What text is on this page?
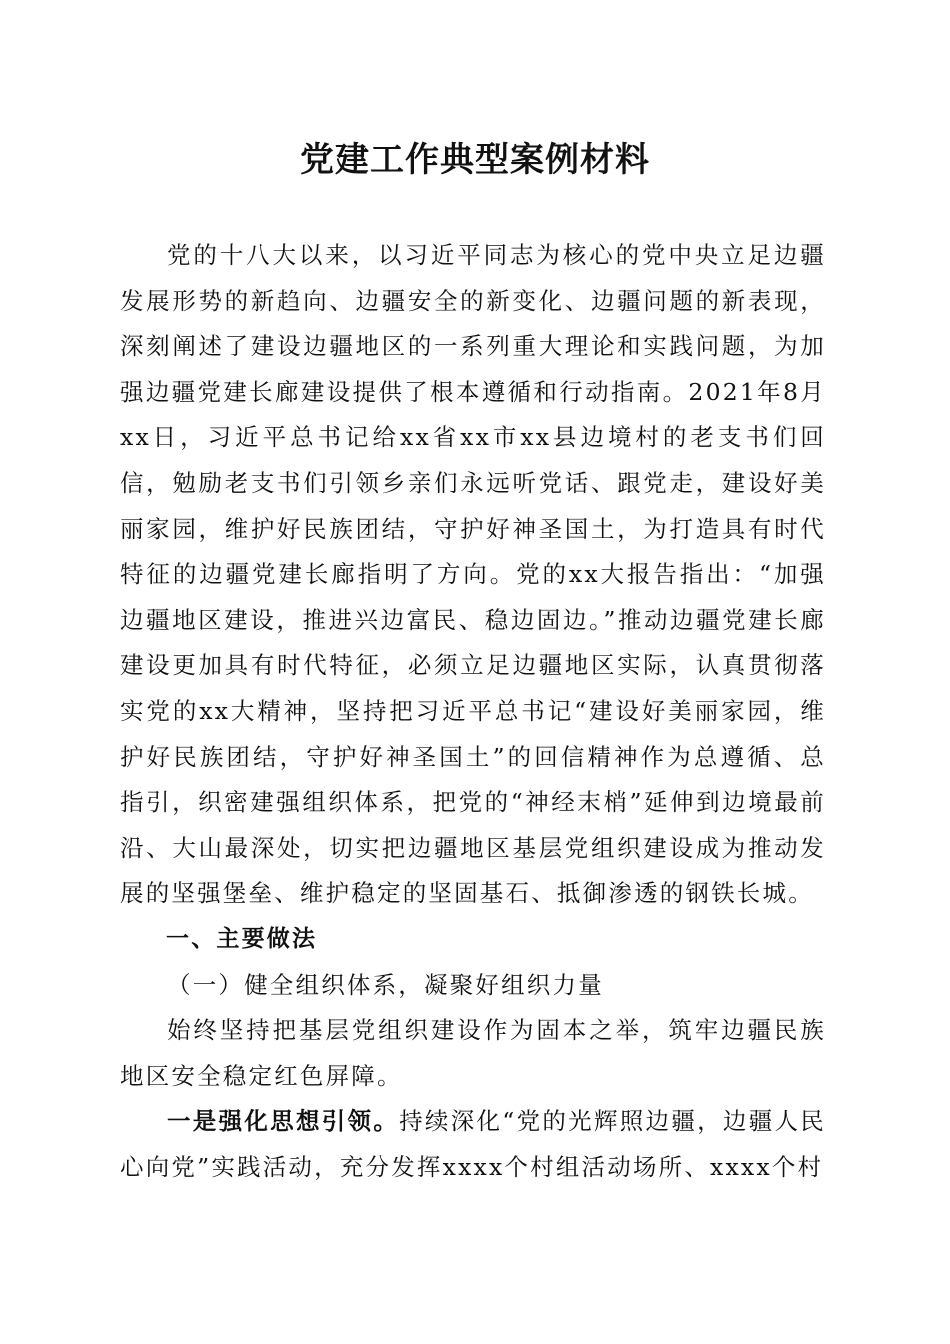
党建工作典型案例材料

党的十八大以来，以习近平同志为核心的党中央立足边疆发展形势的新趋向、边疆安全的新变化、边疆问题的新表现，深刻阐述了建设边疆地区的一系列重大理论和实践问题，为加强边疆党建长廊建设提供了根本遵循和行动指南。2021年8月xx日，习近平总书记给xx省xx市xx县边境村的老支书们回信，勉励老支书们引领乡亲们永远听党话、跟党走，建设好美丽家园，维护好民族团结，守护好神圣国土，为打造具有时代特征的边疆党建长廊指明了方向。党的xx大报告指出：“加强边疆地区建设，推进兴边富民、稳边固边。”推动边疆党建长廊建设更加具有时代特征，必须立足边疆地区实际，认真贯彻落实党的xx大精神，坚持把习近平总书记“建设好美丽家园，维护好民族团结，守护好神圣国土”的回信精神作为总遵循、总指引，织密建强组织体系，把党的“神经末梢”延伸到边境最前沿、大山最深处，切实把边疆地区基层党组织建设成为推动发展的坚强堡垒、维护稳定的坚固基石、抵御渗透的钢铁长城。

一、主要做法

（一）健全组织体系，凝聚好组织力量

始终坚持把基层党组织建设作为固本之举，筑牢边疆民族地区安全稳定红色屏障。

一是强化思想引领。持续深化“党的光辉照边疆，边疆人民心向党”实践活动，充分发挥xxxx个村组活动场所、xxxx个村
